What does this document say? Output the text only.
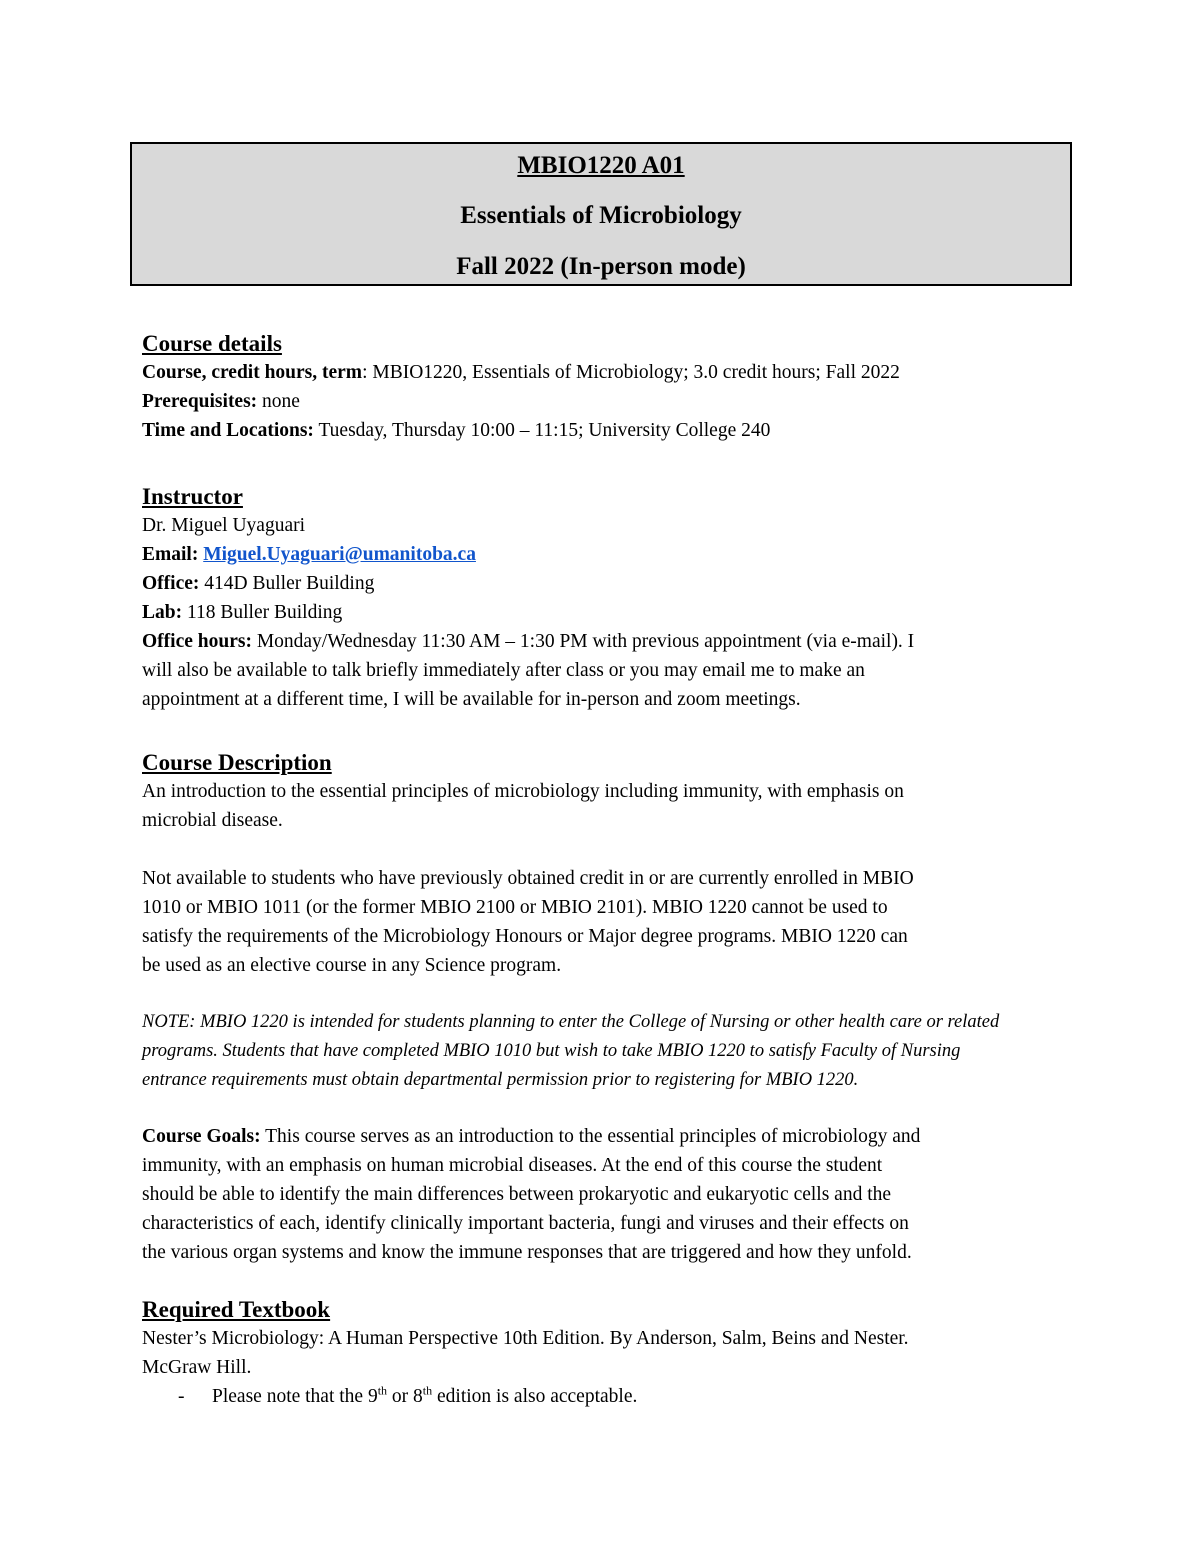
MBIO1220 A01
Essentials of Microbiology
Fall 2022 (In-person mode)
Course details
Course, credit hours, term: MBIO1220, Essentials of Microbiology; 3.0 credit hours; Fall 2022
Prerequisites: none
Time and Locations: Tuesday, Thursday 10:00 – 11:15; University College 240
Instructor
Dr. Miguel Uyaguari
Email: Miguel.Uyaguari@umanitoba.ca
Office: 414D Buller Building
Lab: 118 Buller Building
Office hours: Monday/Wednesday 11:30 AM – 1:30 PM with previous appointment (via e-mail). I
will also be available to talk briefly immediately after class or you may email me to make an
appointment at a different time, I will be available for in-person and zoom meetings.
Course Description
An introduction to the essential principles of microbiology including immunity, with emphasis on
microbial disease.
Not available to students who have previously obtained credit in or are currently enrolled in MBIO
1010 or MBIO 1011 (or the former MBIO 2100 or MBIO 2101). MBIO 1220 cannot be used to
satisfy the requirements of the Microbiology Honours or Major degree programs. MBIO 1220 can
be used as an elective course in any Science program.
NOTE: MBIO 1220 is intended for students planning to enter the College of Nursing or other health care or related
programs. Students that have completed MBIO 1010 but wish to take MBIO 1220 to satisfy Faculty of Nursing
entrance requirements must obtain departmental permission prior to registering for MBIO 1220.
Course Goals: This course serves as an introduction to the essential principles of microbiology and
immunity, with an emphasis on human microbial diseases. At the end of this course the student
should be able to identify the main differences between prokaryotic and eukaryotic cells and the
characteristics of each, identify clinically important bacteria, fungi and viruses and their effects on
the various organ systems and know the immune responses that are triggered and how they unfold.
Required Textbook
Nester’s Microbiology: A Human Perspective 10th Edition. By Anderson, Salm, Beins and Nester.
McGraw Hill.
- Please note that the 9th or 8th edition is also acceptable.
